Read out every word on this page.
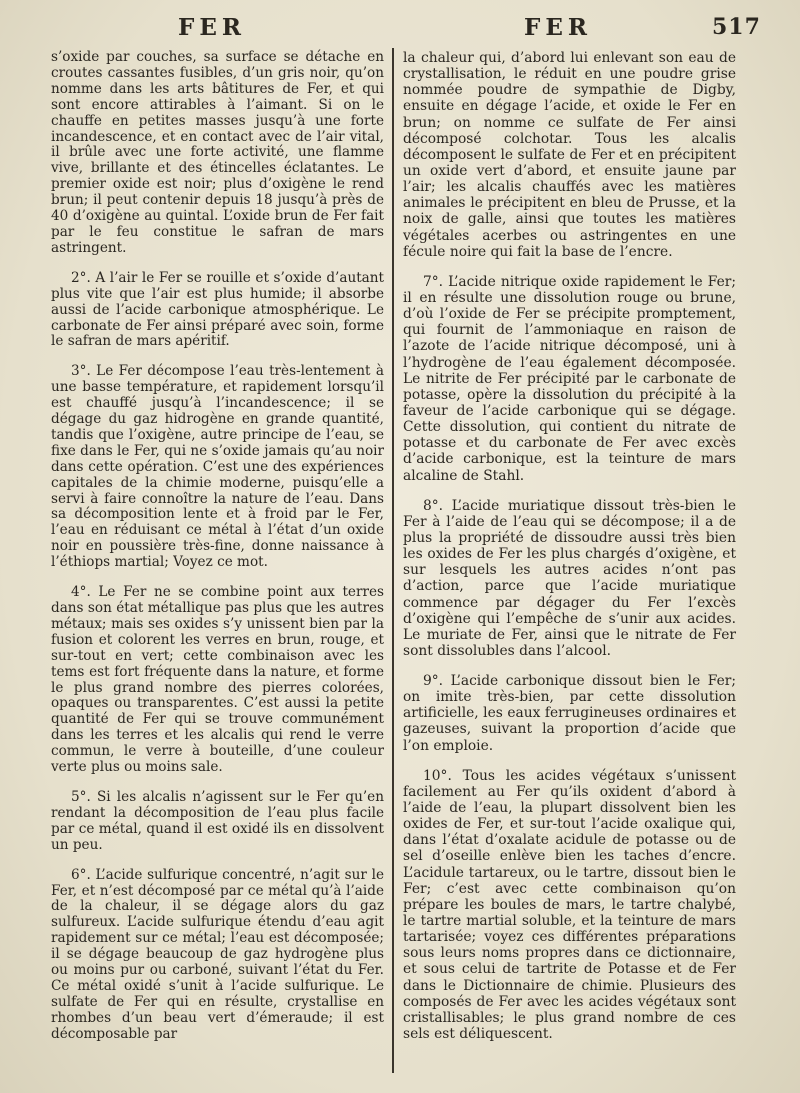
FER	FER	517

s’oxide par couches, sa surface se détache en croutes cassantes fusibles, d’un gris noir, qu’on nomme dans les arts bâtitures de Fer, et qui sont encore attirables à l’aimant. Si on le chauffe en petites masses jusqu’à une forte incandescence, et en contact avec de l’air vital, il brûle avec une forte activité, une flamme vive, brillante et des étincelles éclatantes. Le premier oxide est noir; plus d’oxigène le rend brun; il peut contenir depuis 18 jusqu’à près de 40 d’oxigène au quintal. L’oxide brun de Fer fait par le feu constitue le safran de mars astringent.

2°. A l’air le Fer se rouille et s’oxide d’autant plus vite que l’air est plus humide; il absorbe aussi de l’acide carbonique atmosphérique. Le carbonate de Fer ainsi préparé avec soin, forme le safran de mars apéritif.

3°. Le Fer décompose l’eau très-lentement à une basse température, et rapidement lorsqu’il est chauffé jusqu’à l’incandescence; il se dégage du gaz hidrogène en grande quantité, tandis que l’oxigène, autre principe de l’eau, se fixe dans le Fer, qui ne s’oxide jamais qu’au noir dans cette opération. C’est une des expériences capitales de la chimie moderne, puisqu’elle a servi à faire connoître la nature de l’eau. Dans sa décomposition lente et à froid par le Fer, l’eau en réduisant ce métal à l’état d’un oxide noir en poussière très-fine, donne naissance à l’éthiops martial; Voyez ce mot.

4°. Le Fer ne se combine point aux terres dans son état métallique pas plus que les autres métaux; mais ses oxides s’y unissent bien par la fusion et colorent les verres en brun, rouge, et sur-tout en vert; cette combinaison avec les tems est fort fréquente dans la nature, et forme le plus grand nombre des pierres colorées, opaques ou transparentes. C’est aussi la petite quantité de Fer qui se trouve communément dans les terres et les alcalis qui rend le verre commun, le verre à bouteille, d’une couleur verte plus ou moins sale.

5°. Si les alcalis n’agissent sur le Fer qu’en rendant la décomposition de l’eau plus facile par ce métal, quand il est oxidé ils en dissolvent un peu.

6°. L’acide sulfurique concentré, n’agit sur le Fer, et n’est décomposé par ce métal qu’à l’aide de la chaleur, il se dégage alors du gaz sulfureux. L’acide sulfurique étendu d’eau agit rapidement sur ce métal; l’eau est décomposée; il se dégage beaucoup de gaz hydrogène plus ou moins pur ou carboné, suivant l’état du Fer. Ce métal oxidé s’unit à l’acide sulfurique. Le sulfate de Fer qui en résulte, crystallise en rhombes d’un beau vert d’émeraude; il est décomposable par

la chaleur qui, d’abord lui enlevant son eau de crystallisation, le réduit en une poudre grise nommée poudre de sympathie de Digby, ensuite en dégage l’acide, et oxide le Fer en brun; on nomme ce sulfate de Fer ainsi décomposé colchotar. Tous les alcalis décomposent le sulfate de Fer et en précipitent un oxide vert d’abord, et ensuite jaune par l’air; les alcalis chauffés avec les matières animales le précipitent en bleu de Prusse, et la noix de galle, ainsi que toutes les matières végétales acerbes ou astringentes en une fécule noire qui fait la base de l’encre.

7°. L’acide nitrique oxide rapidement le Fer; il en résulte une dissolution rouge ou brune, d’où l’oxide de Fer se précipite promptement, qui fournit de l’ammoniaque en raison de l’azote de l’acide nitrique décomposé, uni à l’hydrogène de l’eau également décomposée. Le nitrite de Fer précipité par le carbonate de potasse, opère la dissolution du précipité à la faveur de l’acide carbonique qui se dégage. Cette dissolution, qui contient du nitrate de potasse et du carbonate de Fer avec excès d’acide carbonique, est la teinture de mars alcaline de Stahl.

8°. L’acide muriatique dissout très-bien le Fer à l’aide de l’eau qui se décompose; il a de plus la propriété de dissoudre aussi très bien les oxides de Fer les plus chargés d’oxigène, et sur lesquels les autres acides n’ont pas d’action, parce que l’acide muriatique commence par dégager du Fer l’excès d’oxigène qui l’empêche de s’unir aux acides. Le muriate de Fer, ainsi que le nitrate de Fer sont dissolubles dans l’alcool.

9°. L’acide carbonique dissout bien le Fer; on imite très-bien, par cette dissolution artificielle, les eaux ferrugineuses ordinaires et gazeuses, suivant la proportion d’acide que l’on emploie.

10°. Tous les acides végétaux s’unissent facilement au Fer qu’ils oxident d’abord à l’aide de l’eau, la plupart dissolvent bien les oxides de Fer, et sur-tout l’acide oxalique qui, dans l’état d’oxalate acidule de potasse ou de sel d’oseille enlève bien les taches d’encre. L’acidule tartareux, ou le tartre, dissout bien le Fer; c’est avec cette combinaison qu’on prépare les boules de mars, le tartre chalybé, le tartre martial soluble, et la teinture de mars tartarisée; voyez ces différentes préparations sous leurs noms propres dans ce dictionnaire, et sous celui de tartrite de Potasse et de Fer dans le Dictionnaire de chimie. Plusieurs des composés de Fer avec les acides végétaux sont cristallisables; le plus grand nombre de ces sels est déliquescent.
